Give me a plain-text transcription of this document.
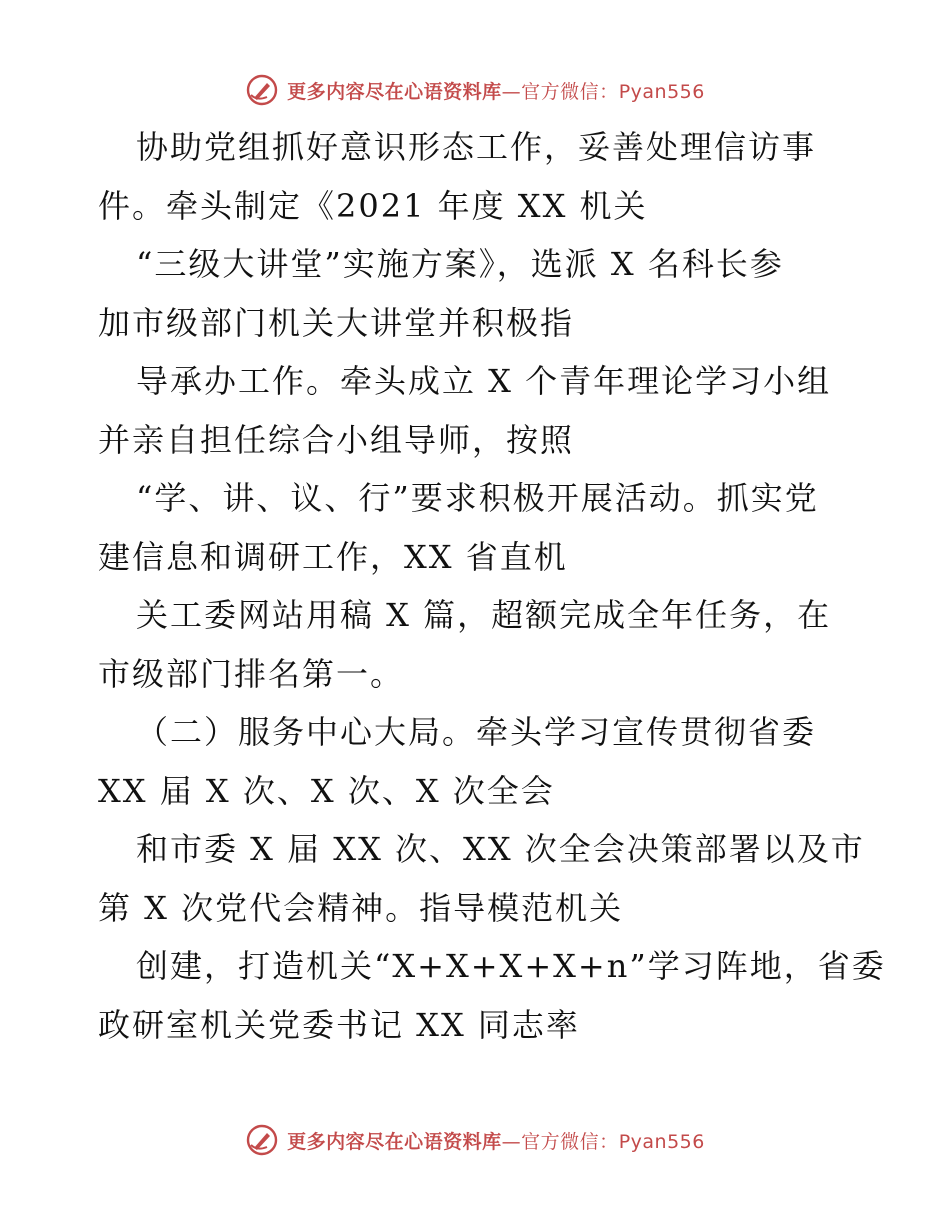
更多内容尽在心语资料库—官方微信：Pyan556
协助党组抓好意识形态工作，妥善处理信访事
件。牵头制定《2021 年度 XX 机关
“三级大讲堂”实施方案》，选派 X 名科长参
加市级部门机关大讲堂并积极指
导承办工作。牵头成立 X 个青年理论学习小组
并亲自担任综合小组导师，按照
“学、讲、议、行”要求积极开展活动。抓实党
建信息和调研工作，XX 省直机
关工委网站用稿 X 篇，超额完成全年任务，在
市级部门排名第一。
（二）服务中心大局。牵头学习宣传贯彻省委
XX 届 X 次、X 次、X 次全会
和市委 X 届 XX 次、XX 次全会决策部署以及市
第 X 次党代会精神。指导模范机关
创建，打造机关“X+X+X+X+n”学习阵地，省委
政研室机关党委书记 XX 同志率
更多内容尽在心语资料库—官方微信：Pyan556
